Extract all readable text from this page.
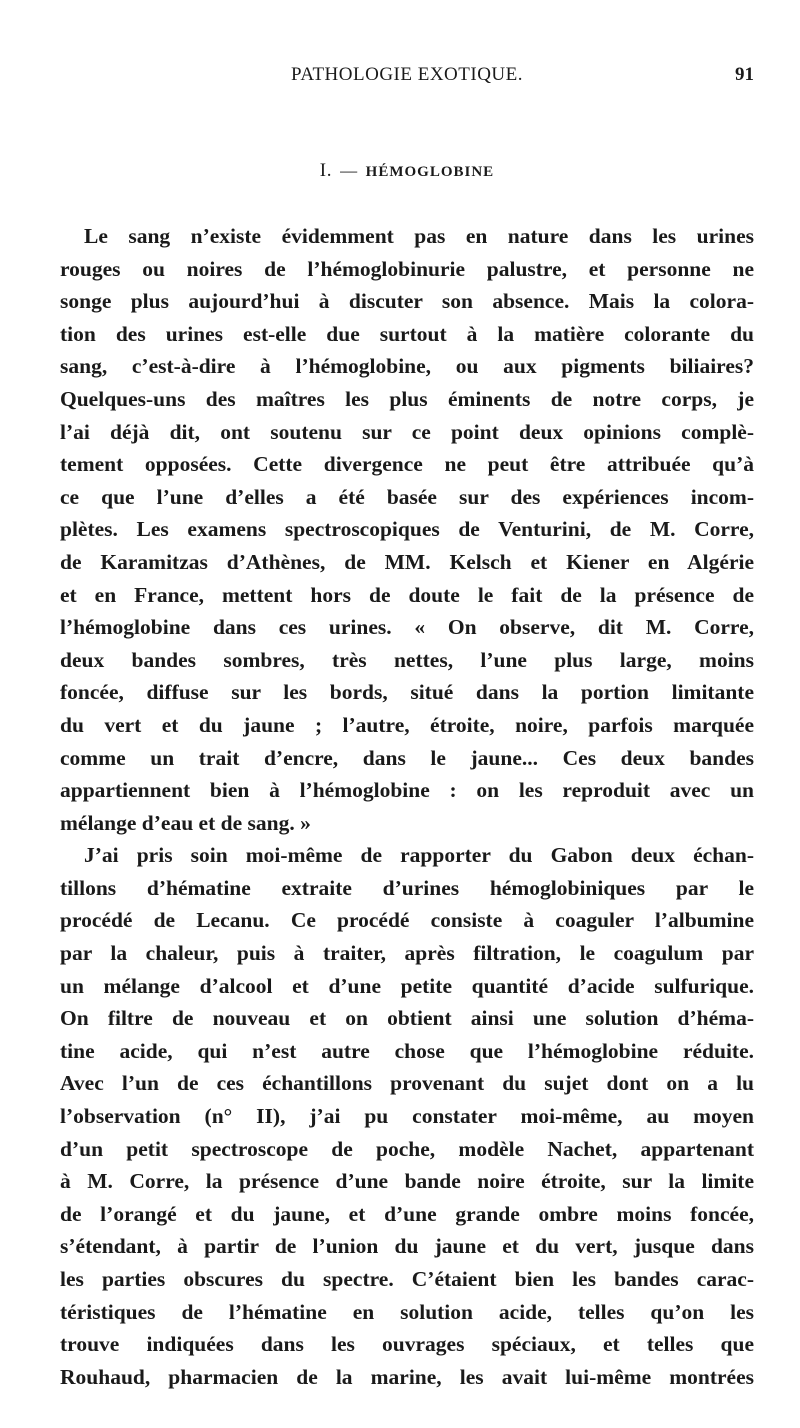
PATHOLOGIE EXOTIQUE.	91
I. — HÉMOGLOBINE
Le sang n’existe évidemment pas en nature dans les urines
rouges ou noires de l’hémoglobinurie palustre, et personne ne
songe plus aujourd’hui à discuter son absence. Mais la colora-
tion des urines est-elle due surtout à la matière colorante du
sang, c’est-à-dire à l’hémoglobine, ou aux pigments biliaires?
Quelques-uns des maîtres les plus éminents de notre corps, je
l’ai déjà dit, ont soutenu sur ce point deux opinions complè-
tement opposées. Cette divergence ne peut être attribuée qu’à
ce que l’une d’elles a été basée sur des expériences incom-
plètes. Les examens spectroscopiques de Venturini, de M. Corre,
de Karamitzas d’Athènes, de MM. Kelsch et Kiener en Algérie
et en France, mettent hors de doute le fait de la présence de
l’hémoglobine dans ces urines. « On observe, dit M. Corre,
deux bandes sombres, très nettes, l’une plus large, moins
foncée, diffuse sur les bords, situé dans la portion limitante
du vert et du jaune ; l’autre, étroite, noire, parfois marquée
comme un trait d’encre, dans le jaune... Ces deux bandes
appartiennent bien à l’hémoglobine : on les reproduit avec un
mélange d’eau et de sang. »
J’ai pris soin moi-même de rapporter du Gabon deux échan-
tillons d’hématine extraite d’urines hémoglobiniques par le
procédé de Lecanu. Ce procédé consiste à coaguler l’albumine
par la chaleur, puis à traiter, après filtration, le coagulum par
un mélange d’alcool et d’une petite quantité d’acide sulfurique.
On filtre de nouveau et on obtient ainsi une solution d’héma-
tine acide, qui n’est autre chose que l’hémoglobine réduite.
Avec l’un de ces échantillons provenant du sujet dont on a lu
l’observation (n° II), j’ai pu constater moi-même, au moyen
d’un petit spectroscope de poche, modèle Nachet, appartenant
à M. Corre, la présence d’une bande noire étroite, sur la limite
de l’orangé et du jaune, et d’une grande ombre moins foncée,
s’étendant, à partir de l’union du jaune et du vert, jusque dans
les parties obscures du spectre. C’étaient bien les bandes carac-
téristiques de l’hématine en solution acide, telles qu’on les
trouve indiquées dans les ouvrages spéciaux, et telles que
Rouhaud, pharmacien de la marine, les avait lui-même montrées
